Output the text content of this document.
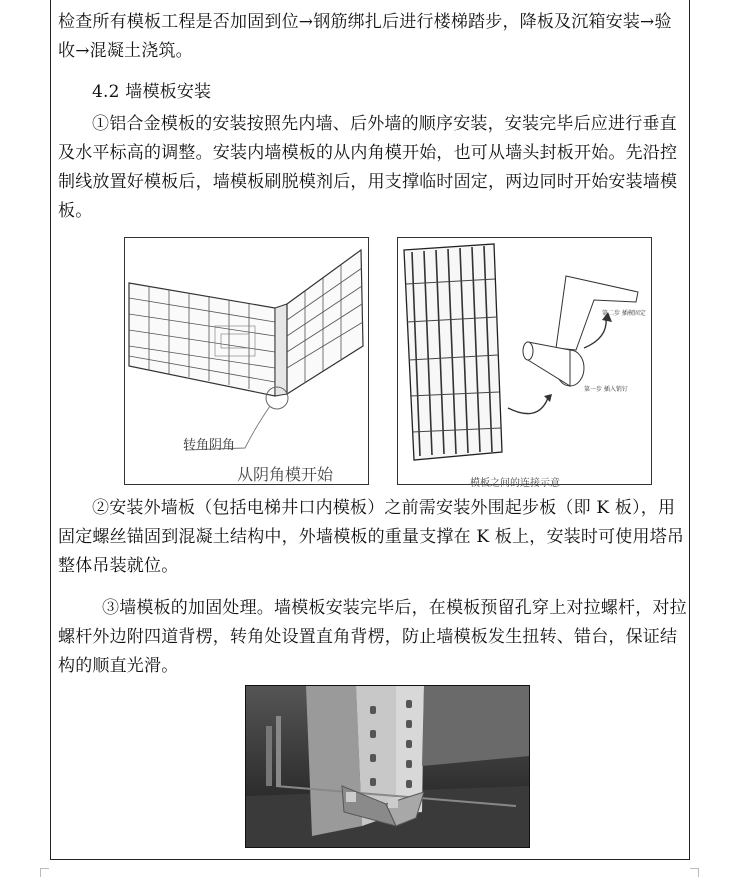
检查所有模板工程是否加固到位→钢筋绑扎后进行楼梯踏步，降板及沉箱安装→验收→混凝土浇筑。
4.2 墙模板安装
①铝合金模板的安装按照先内墙、后外墙的顺序安装，安装完毕后应进行垂直及水平标高的调整。安装内墙模板的从内角模开始，也可从墙头封板开始。先沿控制线放置好模板后，墙模板刷脱模剂后，用支撑临时固定，两边同时开始安装墙模板。
转角阴角
从阴角模开始
第二步 插楔固定
第一步 插入销钉
模板之间的连接示意
②安装外墙板（包括电梯井口内模板）之前需安装外围起步板（即 K 板），用固定螺丝锚固到混凝土结构中，外墙模板的重量支撑在 K 板上，安装时可使用塔吊整体吊装就位。
③墙模板的加固处理。墙模板安装完毕后，在模板预留孔穿上对拉螺杆，对拉螺杆外边附四道背楞，转角处设置直角背楞，防止墙模板发生扭转、错台，保证结构的顺直光滑。
